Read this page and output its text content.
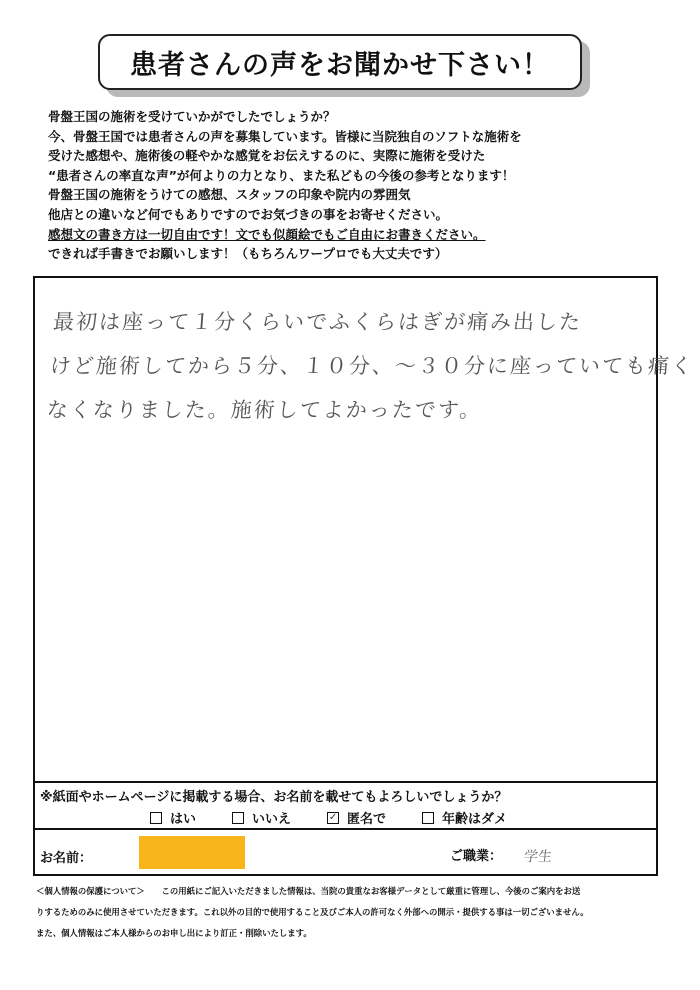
患者さんの声をお聞かせ下さい！
骨盤王国の施術を受けていかがでしたでしょうか？
今、骨盤王国では患者さんの声を募集しています。皆様に当院独自のソフトな施術を
受けた感想や、施術後の軽やかな感覚をお伝えするのに、実際に施術を受けた
“患者さんの率直な声”が何よりの力となり、また私どもの今後の参考となります！
骨盤王国の施術をうけての感想、スタッフの印象や院内の雰囲気
他店との違いなど何でもありですのでお気づきの事をお寄せください。
感想文の書き方は一切自由です！文でも似顔絵でもご自由にお書きください。
できれば手書きでお願いします！（もちろんワープロでも大丈夫です）
最初は座って１分くらいでふくらはぎが痛み出した
けど施術してから５分、１０分、～３０分に座っていても痛く
なくなりました。施術してよかったです。
※紙面やホームページに掲載する場合、お名前を載せてもよろしいでしょうか？
はい	いいえ	✓ 匿名で	年齢はダメ
お名前：	ご職業： 学生
＜個人情報の保護について＞　　この用紙にご記入いただきました情報は、当院の貴重なお客様データとして厳重に管理し、今後のご案内をお送
りするためのみに使用させていただきます。これ以外の目的で使用すること及びご本人の許可なく外部への開示・提供する事は一切ございません。
また、個人情報はご本人様からのお申し出により訂正・削除いたします。
